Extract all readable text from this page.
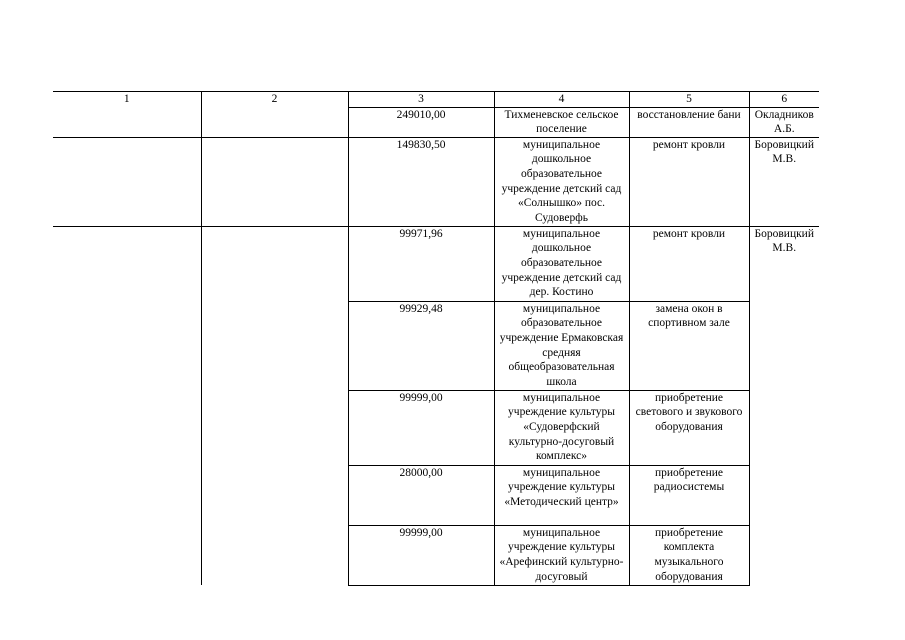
1	2	3	4	5	6
		249010,00	Тихменевское сельское поселение	восстановление бани	Окладников А.Б.
		149830,50	муниципальное дошкольное образовательное учреждение детский сад «Солнышко» пос. Судоверфь	ремонт кровли	Боровицкий М.В.
		99971,96	муниципальное дошкольное образовательное учреждение детский сад дер. Костино	ремонт кровли	Боровицкий М.В.
		99929,48	муниципальное образовательное учреждение Ермаковская средняя общеобразовательная школа	замена окон в спортивном зале	
		99999,00	муниципальное учреждение культуры «Судоверфский культурно-досуговый комплекс»	приобретение светового и звукового оборудования	
		28000,00	муниципальное учреждение культуры «Методический центр»	приобретение радиосистемы	
		99999,00	муниципальное учреждение культуры «Арефинский культурно-досуговый	приобретение комплекта музыкального оборудования	
